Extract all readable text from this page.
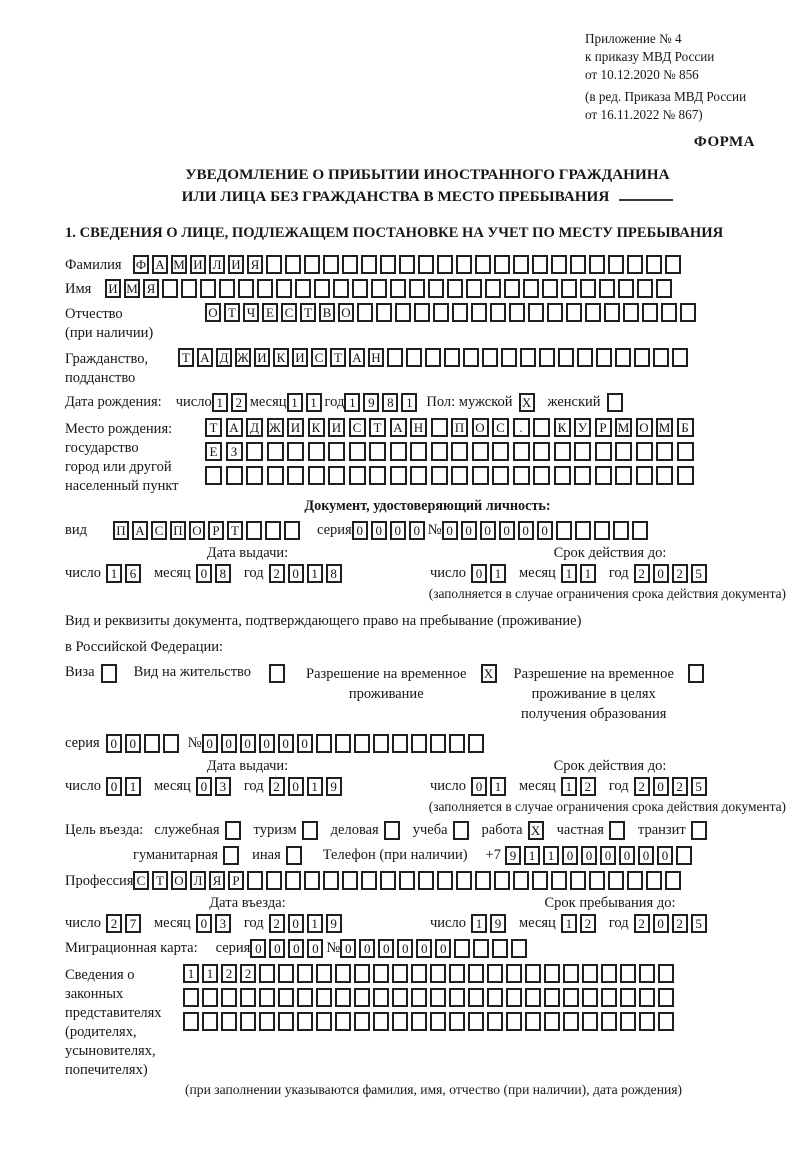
Приложение № 4
к приказу МВД России
от 10.12.2020 № 856
(в ред. Приказа МВД России
от 16.11.2022 № 867)
ФОРМА
УВЕДОМЛЕНИЕ О ПРИБЫТИИ ИНОСТРАННОГО ГРАЖДАНИНА
ИЛИ ЛИЦА БЕЗ ГРАЖДАНСТВА В МЕСТО ПРЕБЫВАНИЯ
1. СВЕДЕНИЯ О ЛИЦЕ, ПОДЛЕЖАЩЕМ ПОСТАНОВКЕ НА УЧЕТ ПО МЕСТУ ПРЕБЫВАНИЯ
Фамилия	Ф А М И Л И Я
Имя	И М Я
Отчество
(при наличии)
О Т Ч Е С Т В О
Гражданство,
подданство
Т А Д Ж И К И С Т А Н
Дата рождения: число 1 2 месяц 1 1 год 1 9 8 1 Пол: мужской X женский
Место рождения:
государство
город или другой
населенный пункт
Т А Д Ж И К И С Т А Н П О С	.	К У Р М О М Б
Е	З
Документ, удостоверяющий личность:
вид П А С П О Р Т	серия 0 0 0 0 № 0 0 0 0 0 0
Дата выдачи:	Срок действия до:
число 1 6	месяц 0 8	год 2 0 1 8	число 0 1	месяц 1 1	год 2 0 2 5
(заполняется в случае ограничения срока действия документа)
Вид и реквизиты документа, подтверждающего право на пребывание (проживание)
в Российской Федерации:
Виза	Вид на жительство	Разрешение на временное
проживание
X Разрешение на временное
проживание в целях
получения образования
серия 0 0	№ 0 0 0 0 0 0
Дата выдачи:	Срок действия до:
число 0 1	месяц 0 3	год 2 0 1 9	число 0 1	месяц 1 2	год 2 0 2 5
(заполняется в случае ограничения срока действия документа)
Цель въезда: служебная туризм деловая учеба работа X частная транзит
гуманитарная иная	Телефон (при наличии) +7 9 1 1 0 0 0 0 0 0
Профессия С Т О Л Я Р
Дата въезда:	Срок пребывания до:
число 2 7	месяц 0 3	год 2 0 1 9	число 1 9	месяц 1 2	год 2 0 2 5
Миграционная карта: серия 0 0 0 0 № 0 0 0 0 0 0
Сведения о
законных
представителях
(родителях,
усыновителях,
попечителях)
1 1 2 2
(при заполнении указываются фамилия, имя, отчество (при наличии), дата рождения)
